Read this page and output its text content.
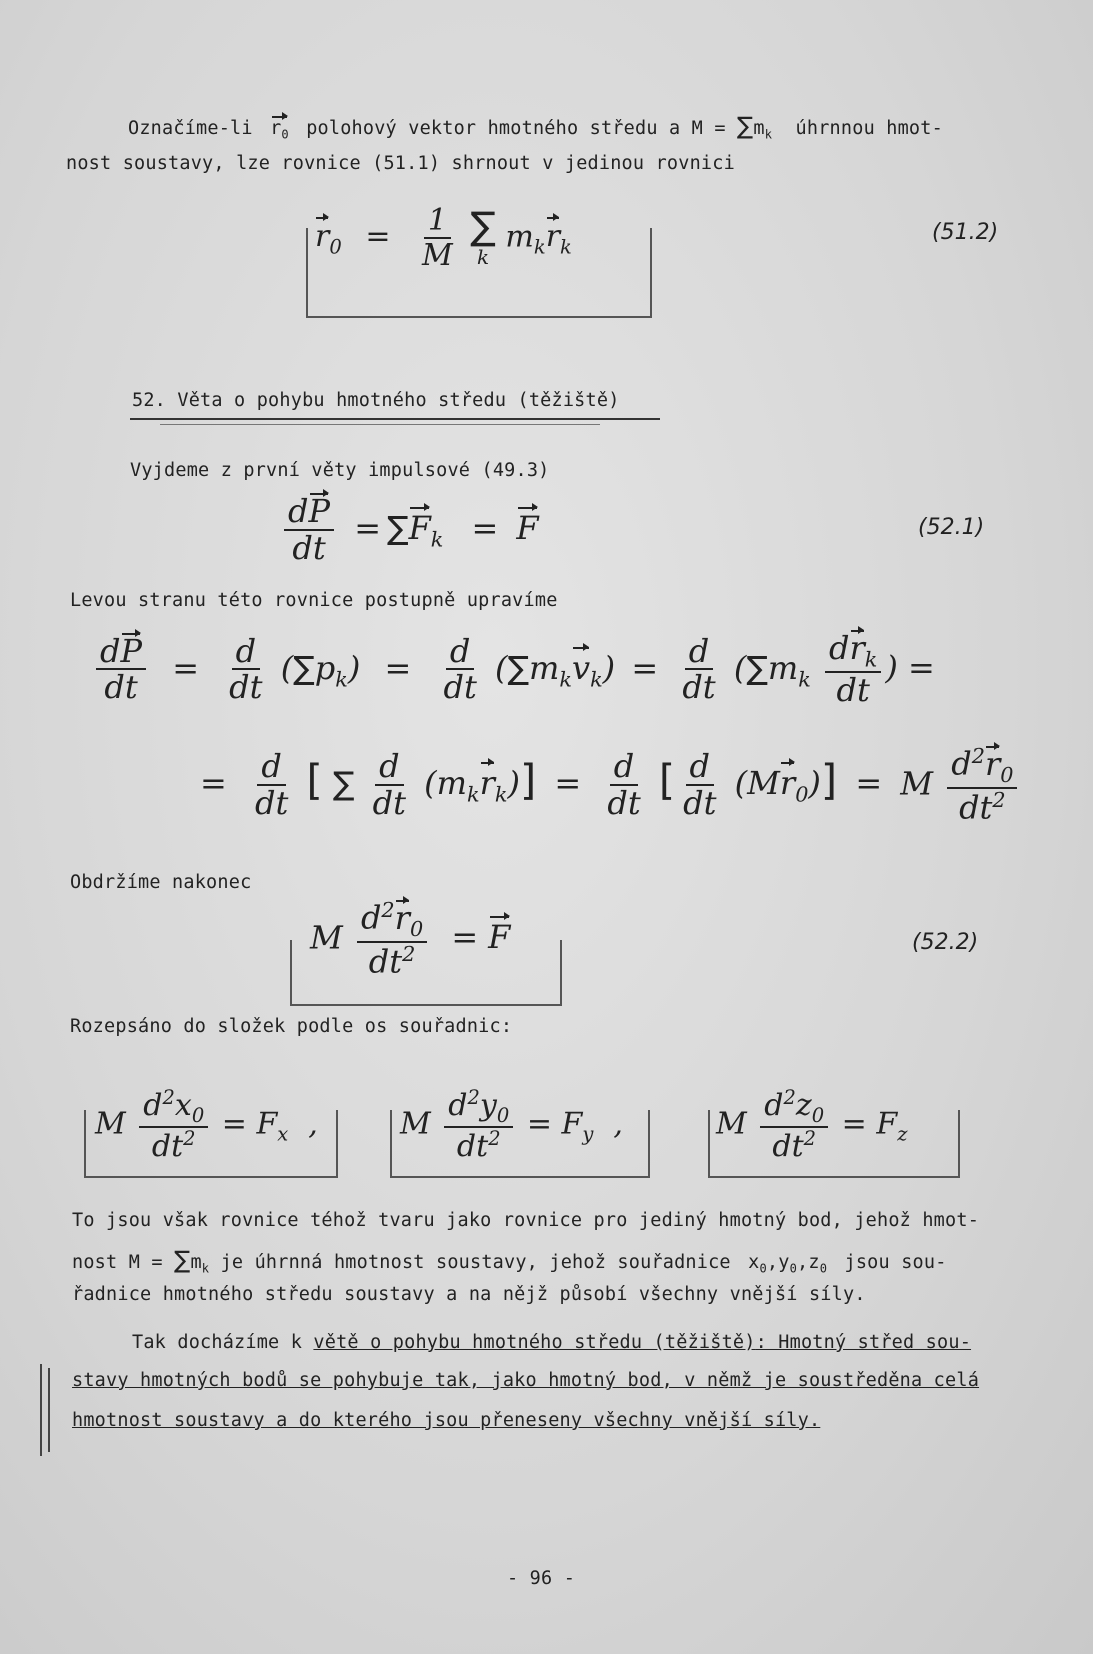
Označíme-li $r_0$ polohový vektor hmotného středu a $M = \sum m_k$ úhrnnou hmot-
nost soustavy, lze rovnice (51.1) shrnout v jedinou rovnici
$r_0 = \frac{1}{M}$
∑
k
$m_kr_k$
(51.2)
52. Věta o pohybu hmotného středu (těžiště)
Vyjdeme z první věty impulsové (49.3)
$\frac{dP}{dt} = \sum F_k = F$	(52.1)
Levou stranu této rovnice postupně upravíme
$\frac{dP}{dt} = \frac{d}{dt} (\sum p_k) = \frac{d}{dt} (\sum m_kv_k) = \frac{d}{dt} (\sum m_k \frac{dr_k}{dt}$ ) =
= $\frac{d}{dt}$ [ ∑ $\frac{d}{dt} (m_kr_k)] = \frac{d}{dt}$ [ $\frac{d}{dt} (Mr_0)] = M \frac{d^2r_0}{dt^2}$
Obdržíme nakonec
M $\frac{d^2r_0}{dt^2} = F$	(52.2)
Rozepsáno do složek podle os souřadnic:
M $\frac{d^2x_0}{dt^2} = F_x$ ,	M $\frac{d^2y_0}{dt^2} = F_y$ ,	M $\frac{d^2z_0}{dt^2} = F_z$
To jsou však rovnice téhož tvaru jako rovnice pro jediný hmotný bod, jehož hmot-
nost $M = \sum m_k$ je úhrnná hmotnost soustavy, jehož souřadnice $x_0,y_0,z_0$ jsou sou-
řadnice hmotného středu soustavy a na nějž působí všechny vnější síly.
Tak docházíme k větě o pohybu hmotného středu (těžiště): Hmotný střed sou-
stavy hmotných bodů se pohybuje tak, jako hmotný bod, v němž je soustředěna celá
hmotnost soustavy a do kterého jsou přeneseny všechny vnější síly.
- 96 -
